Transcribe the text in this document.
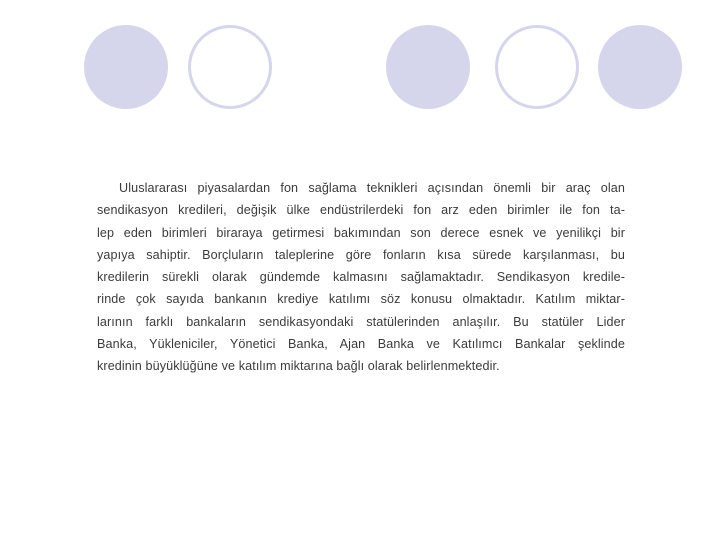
Uluslararası piyasalardan fon sağlama teknikleri açısından önemli bir araç olan
sendikasyon kredileri, değişik ülke endüstrilerdeki fon arz eden birimler ile fon ta-
lep eden birimleri biraraya getirmesi bakımından son derece esnek ve yenilikçi bir
yapıya sahiptir. Borçluların taleplerine göre fonların kısa sürede karşılanması, bu
kredilerin sürekli olarak gündemde kalmasını sağlamaktadır. Sendikasyon kredile-
rinde çok sayıda bankanın krediye katılımı söz konusu olmaktadır. Katılım miktar-
larının farklı bankaların sendikasyondaki statülerinden anlaşılır. Bu statüler Lider
Banka, Yükleniciler, Yönetici Banka, Ajan Banka ve Katılımcı Bankalar şeklinde
kredinin büyüklüğüne ve katılım miktarına bağlı olarak belirlenmektedir.
